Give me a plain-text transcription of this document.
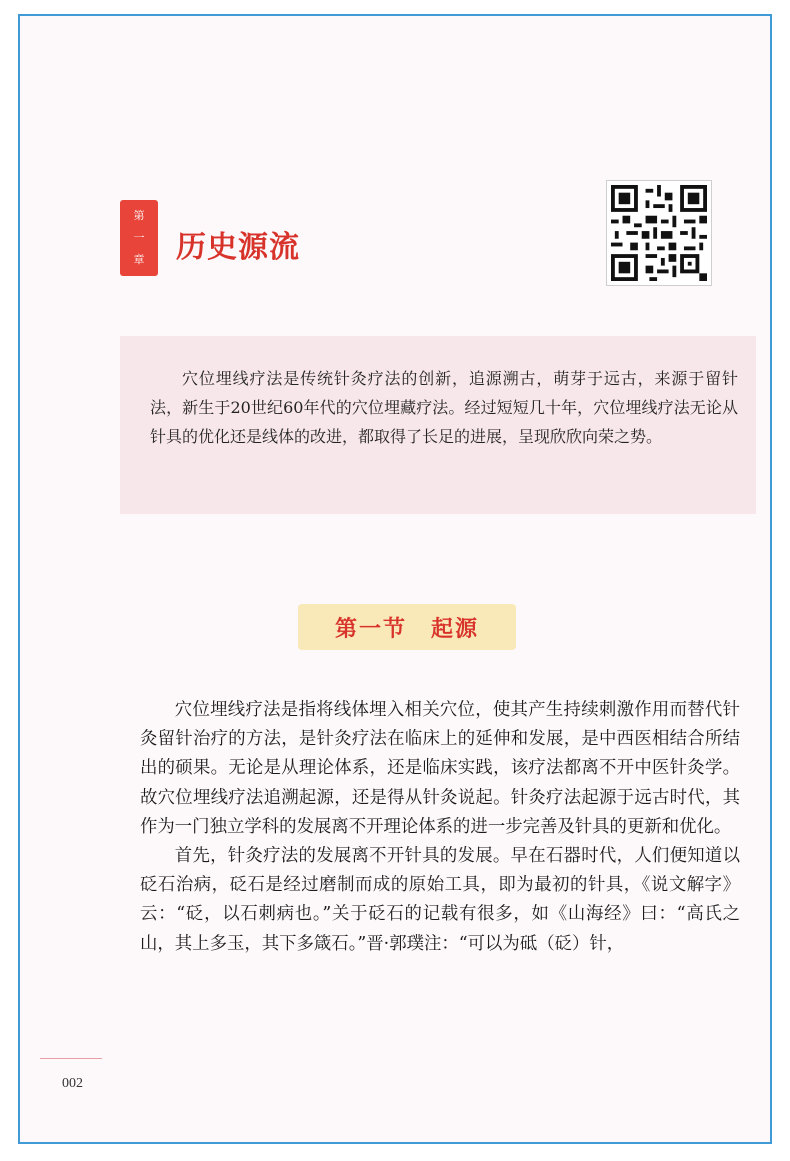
第
一
章 历史源流

穴位埋线疗法是传统针灸疗法的创新，追源溯古，萌芽于远古，来源于留针法，新生于20世纪60年代的穴位埋藏疗法。经过短短几十年，穴位埋线疗法无论从针具的优化还是线体的改进，都取得了长足的进展，呈现欣欣向荣之势。

第一节　起源

穴位埋线疗法是指将线体埋入相关穴位，使其产生持续刺激作用而替代针灸留针治疗的方法，是针灸疗法在临床上的延伸和发展，是中西医相结合所结出的硕果。无论是从理论体系，还是临床实践，该疗法都离不开中医针灸学。故穴位埋线疗法追溯起源，还是得从针灸说起。针灸疗法起源于远古时代，其作为一门独立学科的发展离不开理论体系的进一步完善及针具的更新和优化。

首先，针灸疗法的发展离不开针具的发展。早在石器时代，人们便知道以砭石治病，砭石是经过磨制而成的原始工具，即为最初的针具，《说文解字》云：“砭，以石刺病也。”关于砭石的记载有很多，如《山海经》曰：“高氏之山，其上多玉，其下多箴石。”晋·郭璞注：“可以为砥（砭）针，

002
